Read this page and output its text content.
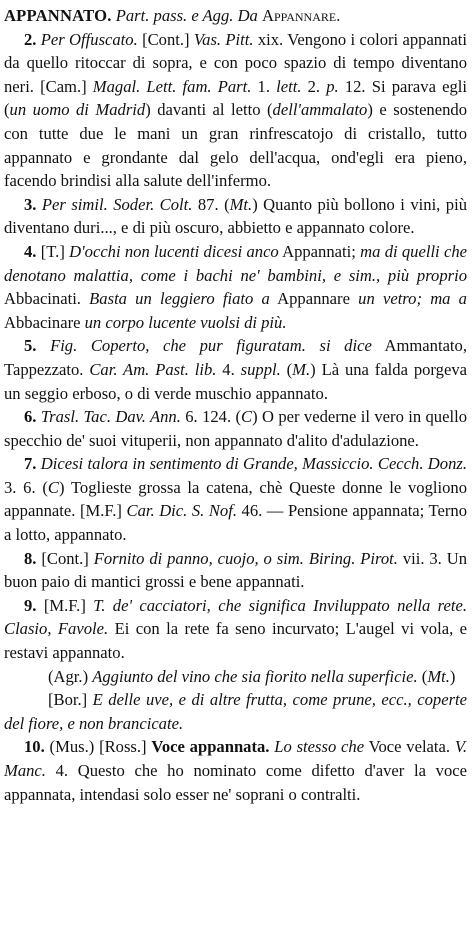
APPANNATO. Part. pass. e Agg. Da Appannare.

2. Per Offuscato. [Cont.] Vas. Pitt. xix. Vengono i colori appannati da quello ritoccar di sopra, e con poco spazio di tempo diventano neri. [Cam.] Magal. Lett. fam. Part. 1. lett. 2. p. 12. Si parava egli (un uomo di Madrid) davanti al letto (dell'ammalato) e sostenendo con tutte due le mani un gran rinfrescatojo di cristallo, tutto appannato e grondante dal gelo dell'acqua, ond'egli era pieno, facendo brindisi alla salute dell'infermo.

3. Per simil. Soder. Colt. 87. (Mt.) Quanto più bollono i vini, più diventano duri..., e di più oscuro, abbietto e appannato colore.

4. [T.] D'occhi non lucenti dicesi anco Appannati; ma di quelli che denotano malattia, come i bachi ne' bambini, e sim., più proprio Abbacinati. Basta un leggiero fiato a Appannare un vetro; ma a Abbacinare un corpo lucente vuolsi di più.

5. Fig. Coperto, che pur figuratam. si dice Ammantato, Tappezzato. Car. Am. Past. lib. 4. suppl. (M.) Là una falda porgeva un seggio erboso, o di verde muschio appannato.

6. Trasl. Tac. Dav. Ann. 6. 124. (C) O per vederne il vero in quello specchio de' suoi vituperii, non appannato d'alito d'adulazione.

7. Dicesi talora in sentimento di Grande, Massiccio. Cecch. Donz. 3. 6. (C) Toglieste grossa la catena, chè Queste donne le vogliono appannate. [M.F.] Car. Dic. S. Nof. 46. — Pensione appannata; Terno a lotto, appannato.

8. [Cont.] Fornito di panno, cuojo, o sim. Biring. Pirot. vii. 3. Un buon paio di mantici grossi e bene appannati.

9. [M.F.] T. de' cacciatori, che significa Inviluppato nella rete. Clasio, Favole. Ei con la rete fa seno incurvato; L'augel vi vola, e restavi appannato.

(Agr.) Aggiunto del vino che sia fiorito nella superficie. (Mt.)

[Bor.] E delle uve, e di altre frutta, come prune, ecc., coperte del fiore, e non brancicate.

10. (Mus.) [Ross.] Voce appannata. Lo stesso che Voce velata. V. Manc. 4. Questo che ho nominato come difetto d'aver la voce appannata, intendasi solo esser ne' soprani o contralti.
